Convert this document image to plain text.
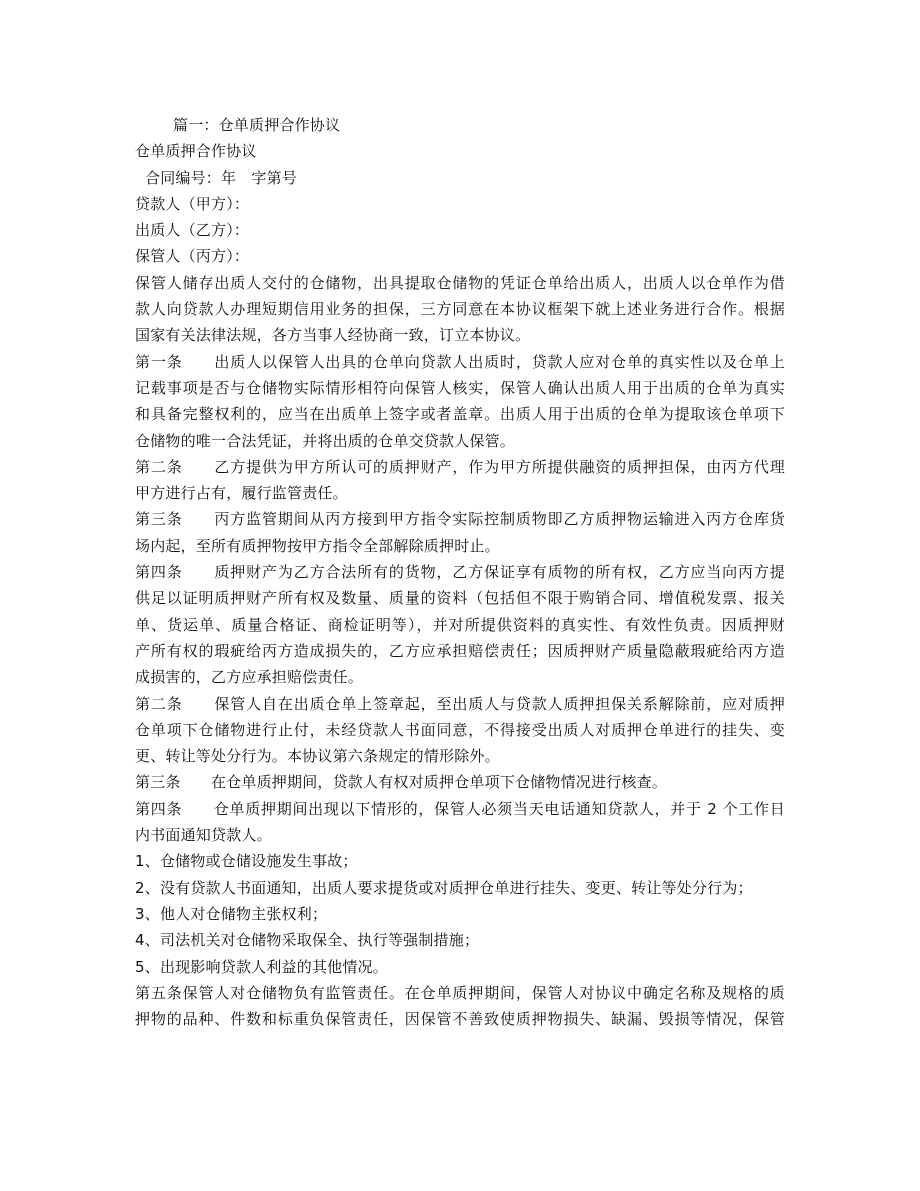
篇一：仓单质押合作协议
仓单质押合作协议
合同编号：年　字第号
贷款人（甲方）：
出质人（乙方）：
保管人（丙方）：
保管人储存出质人交付的仓储物，出具提取仓储物的凭证仓单给出质人，出质人以仓单作为借
款人向贷款人办理短期信用业务的担保，三方同意在本协议框架下就上述业务进行合作。根据
国家有关法律法规，各方当事人经协商一致，订立本协议。
第一条　　出质人以保管人出具的仓单向贷款人出质时，贷款人应对仓单的真实性以及仓单上
记载事项是否与仓储物实际情形相符向保管人核实，保管人确认出质人用于出质的仓单为真实
和具备完整权利的，应当在出质单上签字或者盖章。出质人用于出质的仓单为提取该仓单项下
仓储物的唯一合法凭证，并将出质的仓单交贷款人保管。
第二条　　乙方提供为甲方所认可的质押财产，作为甲方所提供融资的质押担保，由丙方代理
甲方进行占有，履行监管责任。
第三条　　丙方监管期间从丙方接到甲方指令实际控制质物即乙方质押物运输进入丙方仓库货
场内起，至所有质押物按甲方指令全部解除质押时止。
第四条　　质押财产为乙方合法所有的货物，乙方保证享有质物的所有权，乙方应当向丙方提
供足以证明质押财产所有权及数量、质量的资料（包括但不限于购销合同、增值税发票、报关
单、货运单、质量合格证、商检证明等），并对所提供资料的真实性、有效性负责。因质押财
产所有权的瑕疵给丙方造成损失的，乙方应承担赔偿责任；因质押财产质量隐蔽瑕疵给丙方造
成损害的，乙方应承担赔偿责任。
第二条　　保管人自在出质仓单上签章起，至出质人与贷款人质押担保关系解除前，应对质押
仓单项下仓储物进行止付，未经贷款人书面同意，不得接受出质人对质押仓单进行的挂失、变
更、转让等处分行为。本协议第六条规定的情形除外。
第三条　　在仓单质押期间，贷款人有权对质押仓单项下仓储物情况进行核查。
第四条　　仓单质押期间出现以下情形的，保管人必须当天电话通知贷款人，并于 2 个工作日
内书面通知贷款人。
1、仓储物或仓储设施发生事故；
2、没有贷款人书面通知，出质人要求提货或对质押仓单进行挂失、变更、转让等处分行为；
3、他人对仓储物主张权利；
4、司法机关对仓储物采取保全、执行等强制措施；
5、出现影响贷款人利益的其他情况。
第五条保管人对仓储物负有监管责任。在仓单质押期间，保管人对协议中确定名称及规格的质
押物的品种、件数和标重负保管责任，因保管不善致使质押物损失、缺漏、毁损等情况，保管
